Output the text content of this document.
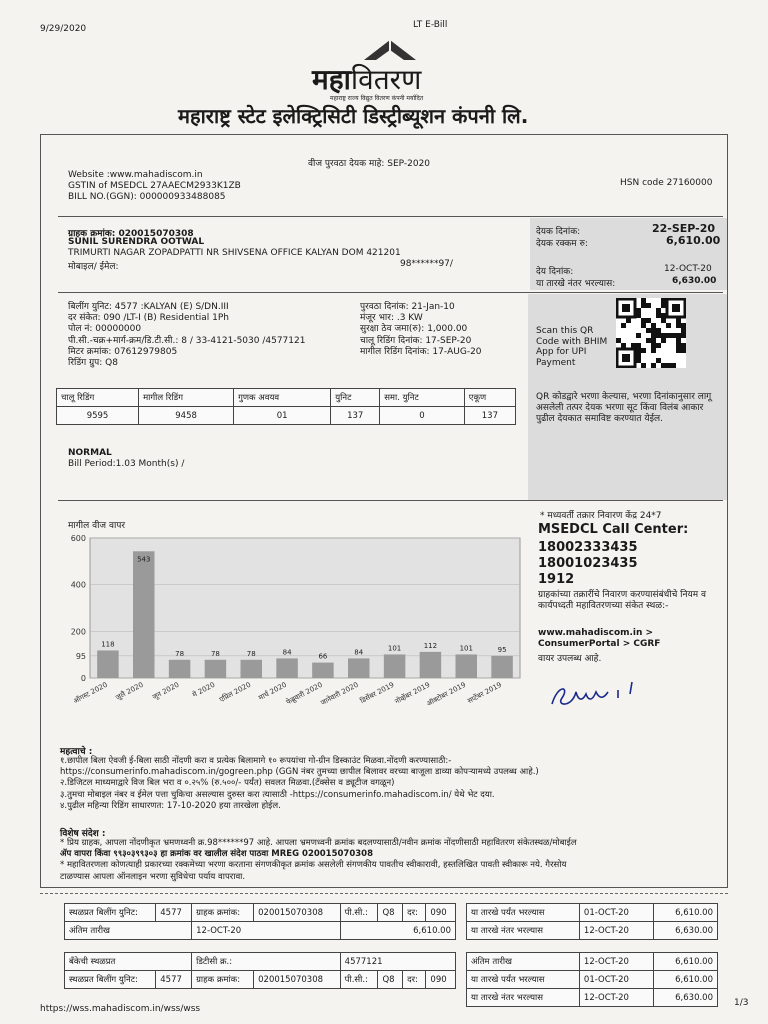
9/29/2020	LT E-Bill
महावितरण
महाराष्ट्र राज्य विद्युत वितरण कंपनी मर्यादित
महाराष्ट्र स्टेट इलेक्ट्रिसिटी डिस्ट्रीब्यूशन कंपनी लि.
वीज पुरवठा देयक माहे: SEP-2020
Website :www.mahadiscom.in
GSTIN of MSEDCL 27AAECM2933K1ZB
BILL NO.(GGN): 000000933488085
HSN code 27160000
ग्राहक क्रमांक: 020015070308
SUNIL SURENDRA OOTWAL
TRIMURTI NAGAR ZOPADPATTI NR SHIVSENA OFFICE KALYAN DOM 421201
मोबाइल/ ईमेल:	98******97/
देयक दिनांक:	22-SEP-20
देयक रक्कम रु:	6,610.00
देय दिनांक:	12-OCT-20
या तारखे नंतर भरल्यास:	6,630.00
बिलींग युनिट: 4577 :KALYAN (E) S/DN.III
दर संकेत: 090 /LT-I (B) Residential 1Ph
पोल नं: 00000000
पी.सी.-चक्र+मार्ग-क्रम/डि.टी.सी.: 8 / 33-4121-5030 /4577121
मिटर क्रमांक: 07612979805
रिडिंग ग्रुप: Q8
पुरवठा दिनांक: 21-Jan-10
मंजूर भार: .3 KW
सुरक्षा ठेव जमा(रु): 1,000.00
चालू रिडिंग दिनांक: 17-SEP-20
मागील रिडिंग दिनांक: 17-AUG-20
Scan this QR
Code with BHIM
App for UPI
Payment
QR कोडद्वारे भरणा केल्यास, भरणा दिनांकानुसार लागू असलेली तत्पर देयक भरणा सूट किंवा विलंब आकार पुढील देयकात समाविष्ट करण्यात येईल.
चालू रिडिंग	मागील रिडिंग	गुणक अवयव	युनिट	समा. युनिट	एकूण
9595	9458	01	137	0	137
NORMAL
Bill Period:1.03 Month(s) /
मागील वीज वापर
0
95
200
400
600
118
ऑगस्ट 2020
543
जुलै 2020
78
जून 2020
78
मे 2020
78
एप्रिल 2020
84
मार्च 2020
66
फेब्रुवारी 2020
84
जानेवारी 2020
101
डिसेंबर 2019
112
नोव्हेंबर 2019
101
ऑक्टोबर 2019
95
सप्टेंबर 2019
* मध्यवर्ती तक्रार निवारण केंद्र 24*7
MSEDCL Call Center:
18002333435
18001023435
1912
ग्राहकांच्या तक्रारींचे निवारण करण्यासंबंधीचे नियम व कार्यपध्दती महावितरणच्या संकेत स्थळ:-
www.mahadiscom.in >
ConsumerPortal > CGRF
वायर उपलब्ध आहे.
महत्वाचे :
१.छापील बिला ऐवजी ई-बिला साठी नोंदणी करा व प्रत्येक बिलामागे १० रूपयांचा गो-ग्रीन डिस्काउंट मिळवा.नोंदणी करण्यासाठी:-
https://consumerinfo.mahadiscom.in/gogreen.php (GGN नंबर तुमच्या छापील बिलावर वरच्या बाजूला डाव्या कोपऱ्यामध्ये उपलब्ध आहे.)
२.डिजिटल माध्यमाद्वारे विज बिल भरा व ०.२५% (रु.५००/- पर्यंत) सवलत मिळवा.(टॅक्सेस व ड्यूटीज वगळून)
३.तुमचा मोबाइल नंबर व ईमेल पत्ता चुकिचा असल्यास दुरुस्त करा त्यासाठी -https://consumerinfo.mahadiscom.in/ येथे भेट दया.
४.पुढील महिन्या रिडिंग साधारणत: 17-10-2020 हया तारखेला होईल.
विशेष संदेश :
* प्रिय ग्राहक, आपला नोंदणीकृत भ्रमणध्वनी क्र.98******97 आहे. आपला भ्रमणध्वनी क्रमांक बदलण्यासाठी/नवीन क्रमांक नोंदणीसाठी महावितरण संकेतस्थळ/मोबाईल
ॲप वापरा किंवा ९९३०३९९३०३ हा क्रमांक वर खालील संदेश पाठवा MREG 020015070308
* महावितरणला कोणत्याही प्रकारच्या रक्कमेच्या भरणा करताना संगणकीकृत क्रमांक असलेली संगणकीय पावतीच स्वीकारावी, हस्तलिखित पावती स्वीकारू नये. गैरसोय
टाळण्यास आपला ऑनलाइन भरणा सुविधेचा पर्याय वापरावा.
स्थळप्रत बिलींग युनिट:	4577	ग्राहक क्रमांक:	020015070308	पी.सी.:	Q8	दर:	090
अंतिम तारीख		12-OCT-20		6,610.00			
या तारखे पर्यंत भरल्यास	01-OCT-20	6,610.00
या तारखे नंतर भरल्यास	12-OCT-20	6,630.00
बँकेची स्थळप्रत		डिटीसी क्र.:		4577121			
स्थळप्रत बिलींग युनिट:	4577	ग्राहक क्रमांक:	020015070308	पी.सी.:	Q8	दर:	090
अंतिम तारीख	12-OCT-20	6,610.00
या तारखे पर्यंत भरल्यास	01-OCT-20	6,610.00
या तारखे नंतर भरल्यास	12-OCT-20	6,630.00
https://wss.mahadiscom.in/wss/wss
1/3
